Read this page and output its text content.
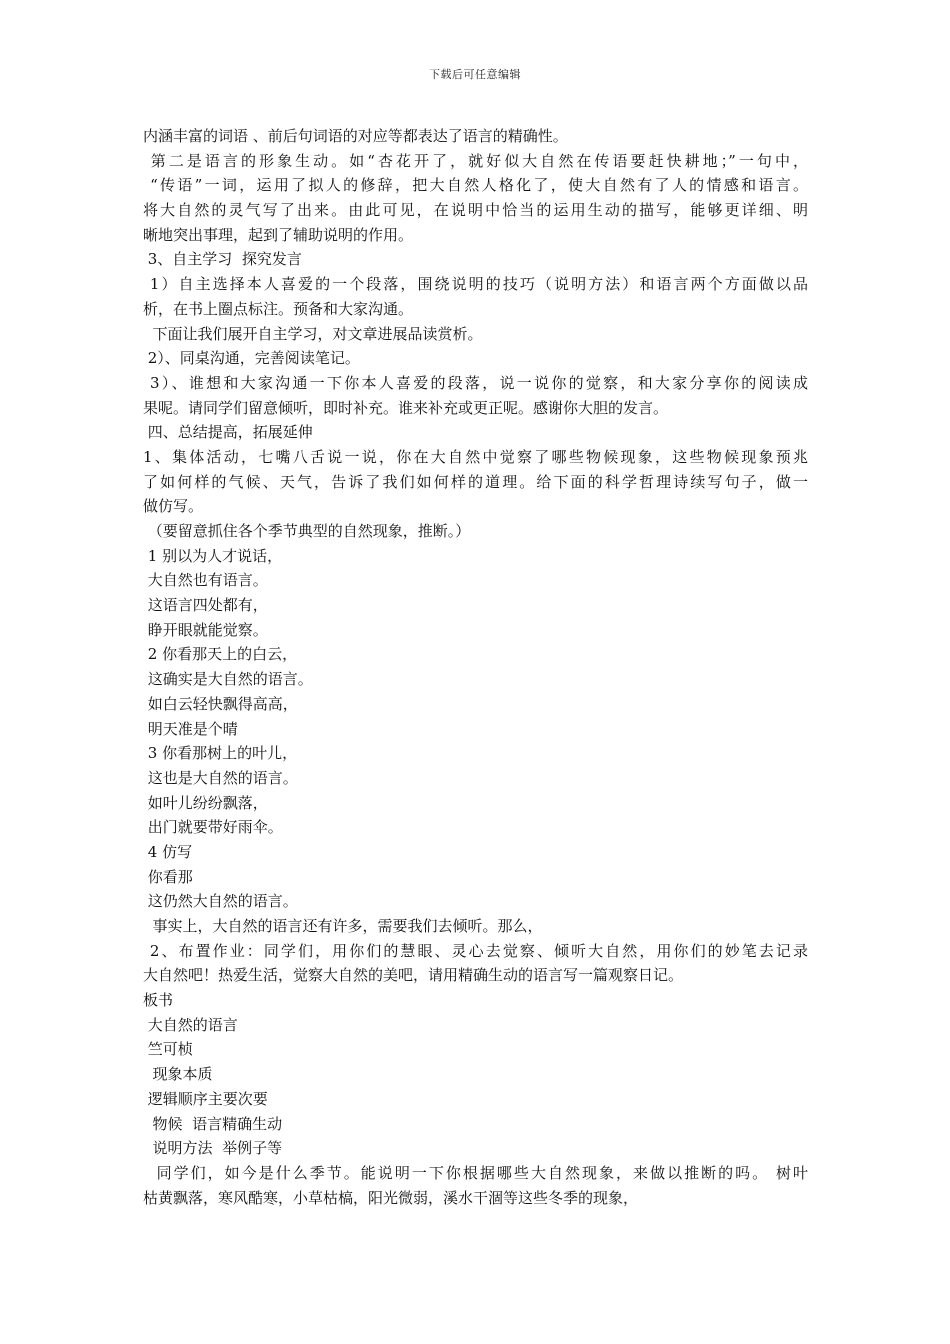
下载后可任意编辑
内涵丰富的词语 、前后句词语的对应等都表达了语言的精确性。
第二是语言的形象生动。如“杏花开了，就好似大自然在传语要赶快耕地；”一句中，
“传语”一词，运用了拟人的修辞，把大自然人格化了，使大自然有了人的情感和语言。
将大自然的灵气写了出来。由此可见，在说明中恰当的运用生动的描写，能够更详细、明
晰地突出事理，起到了辅助说明的作用。
3、自主学习  探究发言
1）自主选择本人喜爱的一个段落，围绕说明的技巧（说明方法）和语言两个方面做以品
析，在书上圈点标注。预备和大家沟通。
下面让我们展开自主学习，对文章进展品读赏析。
2）、同桌沟通，完善阅读笔记。
3）、谁想和大家沟通一下你本人喜爱的段落，说一说你的觉察，和大家分享你的阅读成
果呢。请同学们留意倾听，即时补充。谁来补充或更正呢。感谢你大胆的发言。
四、总结提高，拓展延伸
1、集体活动，七嘴八舌说一说，你在大自然中觉察了哪些物候现象，这些物候现象预兆
了如何样的气候、天气，告诉了我们如何样的道理。给下面的科学哲理诗续写句子，做一
做仿写。
（要留意抓住各个季节典型的自然现象，推断。）
1 别以为人才说话，
大自然也有语言。
这语言四处都有，
睁开眼就能觉察。
2 你看那天上的白云，
这确实是大自然的语言。
如白云轻快飘得高高，
明天准是个晴
3 你看那树上的叶儿，
这也是大自然的语言。
如叶儿纷纷飘落，
出门就要带好雨伞。
4 仿写
你看那
这仍然大自然的语言。
事实上，大自然的语言还有许多，需要我们去倾听。那么，
2、布置作业：同学们，用你们的慧眼、灵心去觉察、倾听大自然，用你们的妙笔去记录
大自然吧！热爱生活，觉察大自然的美吧，请用精确生动的语言写一篇观察日记。
板书
大自然的语言
竺可桢
现象本质
逻辑顺序主要次要
物候  语言精确生动
说明方法  举例子等
同学们，如今是什么季节。能说明一下你根据哪些大自然现象，来做以推断的吗。 树叶
枯黄飘落，寒风酷寒，小草枯槁，阳光微弱，溪水干涸等这些冬季的现象，
